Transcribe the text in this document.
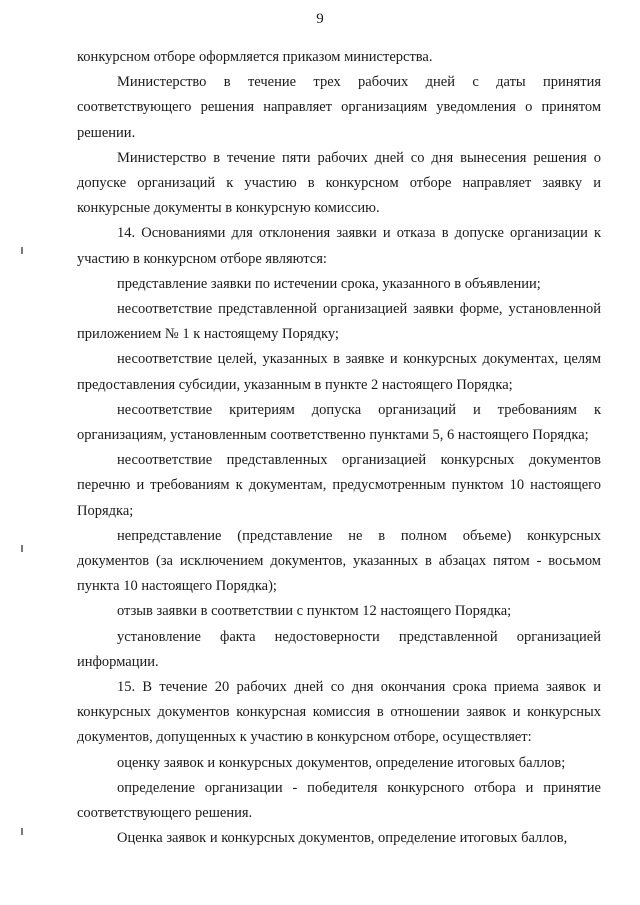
9

конкурсном отборе оформляется приказом министерства.

Министерство в течение трех рабочих дней с даты принятия соответствующего решения направляет организациям уведомления о принятом решении.

Министерство в течение пяти рабочих дней со дня вынесения решения о допуске организаций к участию в конкурсном отборе направляет заявку и конкурсные документы в конкурсную комиссию.

14. Основаниями для отклонения заявки и отказа в допуске организации к участию в конкурсном отборе являются:

представление заявки по истечении срока, указанного в объявлении;

несоответствие представленной организацией заявки форме, установленной приложением № 1 к настоящему Порядку;

несоответствие целей, указанных в заявке и конкурсных документах, целям предоставления субсидии, указанным в пункте 2 настоящего Порядка;

несоответствие критериям допуска организаций и требованиям к организациям, установленным соответственно пунктами 5, 6 настоящего Порядка;

несоответствие представленных организацией конкурсных документов перечню и требованиям к документам, предусмотренным пунктом 10 настоящего Порядка;

непредставление (представление не в полном объеме) конкурсных документов (за исключением документов, указанных в абзацах пятом - восьмом пункта 10 настоящего Порядка);

отзыв заявки в соответствии с пунктом 12 настоящего Порядка;

установление факта недостоверности представленной организацией информации.

15. В течение 20 рабочих дней со дня окончания срока приема заявок и конкурсных документов конкурсная комиссия в отношении заявок и конкурсных документов, допущенных к участию в конкурсном отборе, осуществляет:

оценку заявок и конкурсных документов, определение итоговых баллов;

определение организации - победителя конкурсного отбора и принятие соответствующего решения.

Оценка заявок и конкурсных документов, определение итоговых баллов,
